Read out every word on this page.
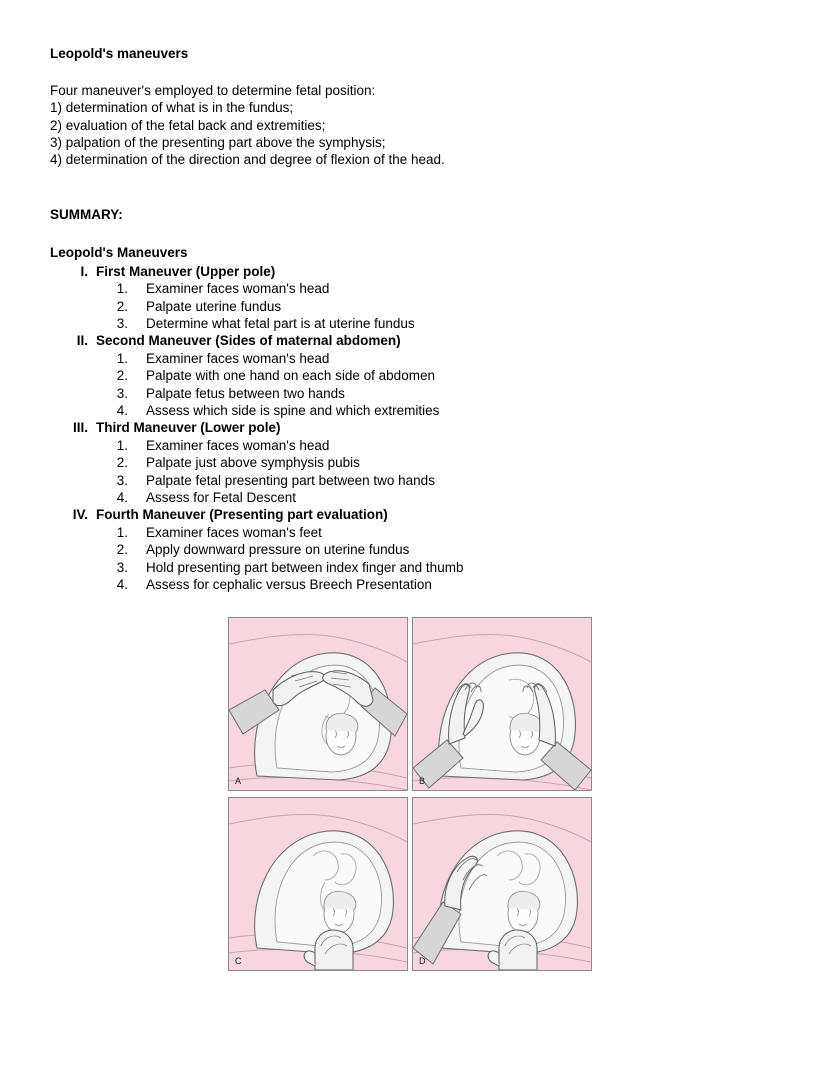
Leopold's maneuvers

Four maneuver's employed to determine fetal position:

1) determination of what is in the fundus;

2) evaluation of the fetal back and extremities;

3) palpation of the presenting part above the symphysis;

4) determination of the direction and degree of flexion of the head.

SUMMARY:
Leopold's Maneuvers

I. First Maneuver (Upper pole)

1. Examiner faces woman's head

2. Palpate uterine fundus

3. Determine what fetal part is at uterine fundus

II. Second Maneuver (Sides of maternal abdomen)

1. Examiner faces woman's head

2. Palpate with one hand on each side of abdomen

3. Palpate fetus between two hands

4. Assess which side is spine and which extremities

III. Third Maneuver (Lower pole)

1. Examiner faces woman's head

2. Palpate just above symphysis pubis

3. Palpate fetal presenting part between two hands

4. Assess for Fetal Descent

IV. Fourth Maneuver (Presenting part evaluation)

1. Examiner faces woman's feet

2. Apply downward pressure on uterine fundus

3. Hold presenting part between index finger and thumb

4. Assess for cephalic versus Breech Presentation

A	B
C	D
